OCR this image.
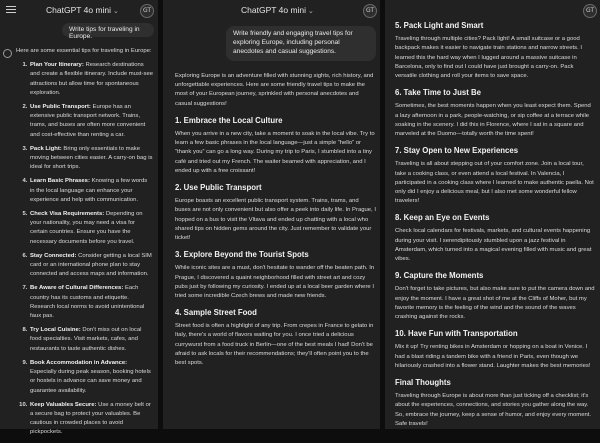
ChatGPT 4o mini ⌄	GT
Write tips for traveling in Europe.

Here are some essential tips for traveling in Europe:

1. Plan Your Itinerary: Research destinations and create a flexible itinerary. Include must-see attractions but allow time for spontaneous exploration.
2. Use Public Transport: Europe has an extensive public transport network. Trains, trams, and buses are often more convenient and cost-effective than renting a car.
3. Pack Light: Bring only essentials to make moving between cities easier. A carry-on bag is ideal for short trips.
4. Learn Basic Phrases: Knowing a few words in the local language can enhance your experience and help with communication.
5. Check Visa Requirements: Depending on your nationality, you may need a visa for certain countries. Ensure you have the necessary documents before you travel.
6. Stay Connected: Consider getting a local SIM card or an international phone plan to stay connected and access maps and information.
7. Be Aware of Cultural Differences: Each country has its customs and etiquette. Research local norms to avoid unintentional faux pas.
8. Try Local Cuisine: Don't miss out on local food specialties. Visit markets, cafes, and restaurants to taste authentic dishes.
9. Book Accommodation in Advance: Especially during peak season, booking hotels or hostels in advance can save money and guarantee availability.
10. Keep Valuables Secure: Use a money belt or a secure bag to protect your valuables. Be cautious in crowded places to avoid pickpockets.
ChatGPT 4o mini ⌄	GT
Write friendly and engaging travel tips for exploring Europe, including personal anecdotes and casual suggestions.

Exploring Europe is an adventure filled with stunning sights, rich history, and unforgettable experiences. Here are some friendly travel tips to make the most of your European journey, sprinkled with personal anecdotes and casual suggestions!

1. Embrace the Local Culture

When you arrive in a new city, take a moment to soak in the local vibe. Try to learn a few basic phrases in the local language—just a simple “hello” or “thank you” can go a long way. During my trip to Paris, I stumbled into a tiny café and tried out my French. The waiter beamed with appreciation, and I ended up with a free croissant!

2. Use Public Transport

Europe boasts an excellent public transport system. Trains, trams, and buses are not only convenient but also offer a peek into daily life. In Prague, I hopped on a bus to visit the Vltava and ended up chatting with a local who shared tips on hidden gems around the city. Just remember to validate your ticket!

3. Explore Beyond the Tourist Spots

While iconic sites are a must, don't hesitate to wander off the beaten path. In Prague, I discovered a quaint neighborhood filled with street art and cozy pubs just by following my curiosity. I ended up at a local beer garden where I tried some incredible Czech brews and made new friends.

4. Sample Street Food

Street food is often a highlight of any trip. From crepes in France to gelato in Italy, there's a world of flavors waiting for you. I once tried a delicious currywurst from a food truck in Berlin—one of the best meals I had! Don't be afraid to ask locals for their recommendations; they'll often point you to the best spots.

GT
5. Pack Light and Smart

Traveling through multiple cities? Pack light! A small suitcase or a good backpack makes it easier to navigate train stations and narrow streets. I learned this the hard way when I lugged around a massive suitcase in Barcelona, only to find out I could have just brought a carry-on. Pack versatile clothing and roll your items to save space.

6. Take Time to Just Be

Sometimes, the best moments happen when you least expect them. Spend a lazy afternoon in a park, people-watching, or sip coffee at a terrace while soaking in the scenery. I did this in Florence, where I sat in a square and marveled at the Duomo—totally worth the time spent!

7. Stay Open to New Experiences

Traveling is all about stepping out of your comfort zone. Join a local tour, take a cooking class, or even attend a local festival. In Valencia, I participated in a cooking class where I learned to make authentic paella. Not only did I enjoy a delicious meal, but I also met some wonderful fellow travelers!

8. Keep an Eye on Events

Check local calendars for festivals, markets, and cultural events happening during your visit. I serendipitously stumbled upon a jazz festival in Amsterdam, which turned into a magical evening filled with music and great vibes.

9. Capture the Moments

Don't forget to take pictures, but also make sure to put the camera down and enjoy the moment. I have a great shot of me at the Cliffs of Moher, but my favorite memory is the feeling of the wind and the sound of the waves crashing against the rocks.

10. Have Fun with Transportation

Mix it up! Try renting bikes in Amsterdam or hopping on a boat in Venice. I had a blast riding a tandem bike with a friend in Paris, even though we hilariously crashed into a flower stand. Laughter makes the best memories!

Final Thoughts

Traveling through Europe is about more than just ticking off a checklist; it's about the experiences, connections, and stories you gather along the way. So, embrace the journey, keep a sense of humor, and enjoy every moment. Safe travels!
